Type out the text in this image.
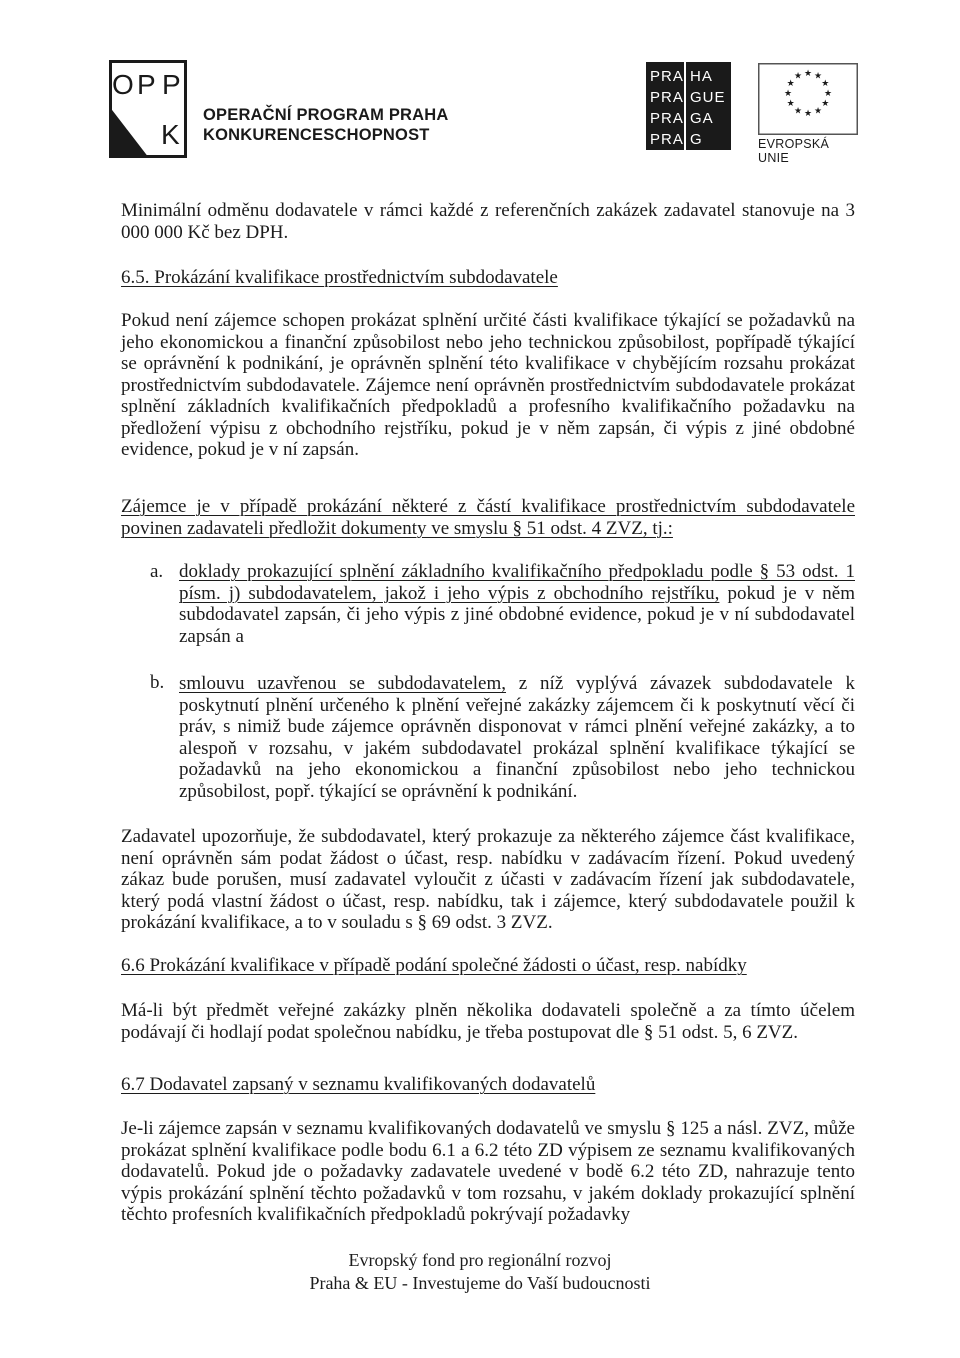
O P P
K
OPERAČNÍ PROGRAM PRAHA
KONKURENCESCHOPNOST
PRA HA
PRA GUE
PRA GA
PRA G
★ ★
★
★
★
★
★
★
★
★
★
★
EVROPSKÁ UNIE

Minimální odměnu dodavatele v rámci každé z referenčních zakázek zadavatel stanovuje na 3 000 000 Kč bez DPH.

6.5. Prokázání kvalifikace prostřednictvím subdodavatele

Pokud není zájemce schopen prokázat splnění určité části kvalifikace týkající se požadavků na jeho ekonomickou a finanční způsobilost nebo jeho technickou způsobilost, popřípadě týkající se oprávnění k podnikání, je oprávněn splnění této kvalifikace v chybějícím rozsahu prokázat prostřednictvím subdodavatele. Zájemce není oprávněn prostřednictvím subdodavatele prokázat splnění základních kvalifikačních předpokladů a profesního kvalifikačního požadavku na předložení výpisu z obchodního rejstříku, pokud je v něm zapsán, či výpis z jiné obdobné evidence, pokud je v ní zapsán.

Zájemce je v případě prokázání některé z částí kvalifikace prostřednictvím subdodavatele povinen zadavateli předložit dokumenty ve smyslu § 51 odst. 4 ZVZ, tj.:

a. doklady prokazující splnění základního kvalifikačního předpokladu podle § 53 odst. 1 písm. j) subdodavatelem, jakož i jeho výpis z obchodního rejstříku, pokud je v něm subdodavatel zapsán, či jeho výpis z jiné obdobné evidence, pokud je v ní subdodavatel zapsán a

b. smlouvu uzavřenou se subdodavatelem, z níž vyplývá závazek subdodavatele k poskytnutí plnění určeného k plnění veřejné zakázky zájemcem či k poskytnutí věcí či práv, s nimiž bude zájemce oprávněn disponovat v rámci plnění veřejné zakázky, a to alespoň v rozsahu, v jakém subdodavatel prokázal splnění kvalifikace týkající se požadavků na jeho ekonomickou a finanční způsobilost nebo jeho technickou způsobilost, popř. týkající se oprávnění k podnikání.

Zadavatel upozorňuje, že subdodavatel, který prokazuje za některého zájemce část kvalifikace, není oprávněn sám podat žádost o účast, resp. nabídku v zadávacím řízení. Pokud uvedený zákaz bude porušen, musí zadavatel vyloučit z účasti v zadávacím řízení jak subdodavatele, který podá vlastní žádost o účast, resp. nabídku, tak i zájemce, který subdodavatele použil k prokázání kvalifikace, a to v souladu s § 69 odst. 3 ZVZ.

6.6 Prokázání kvalifikace v případě podání společné žádosti o účast, resp. nabídky

Má-li být předmět veřejné zakázky plněn několika dodavateli společně a za tímto účelem podávají či hodlají podat společnou nabídku, je třeba postupovat dle § 51 odst. 5, 6 ZVZ.

6.7 Dodavatel zapsaný v seznamu kvalifikovaných dodavatelů

Je-li zájemce zapsán v seznamu kvalifikovaných dodavatelů ve smyslu § 125 a násl. ZVZ, může prokázat splnění kvalifikace podle bodu 6.1 a 6.2 této ZD výpisem ze seznamu kvalifikovaných dodavatelů. Pokud jde o požadavky zadavatele uvedené v bodě 6.2 této ZD, nahrazuje tento výpis prokázání splnění těchto požadavků v tom rozsahu, v jakém doklady prokazující splnění těchto profesních kvalifikačních předpokladů pokrývají požadavky

Evropský fond pro regionální rozvoj
Praha & EU - Investujeme do Vaší budoucnosti
